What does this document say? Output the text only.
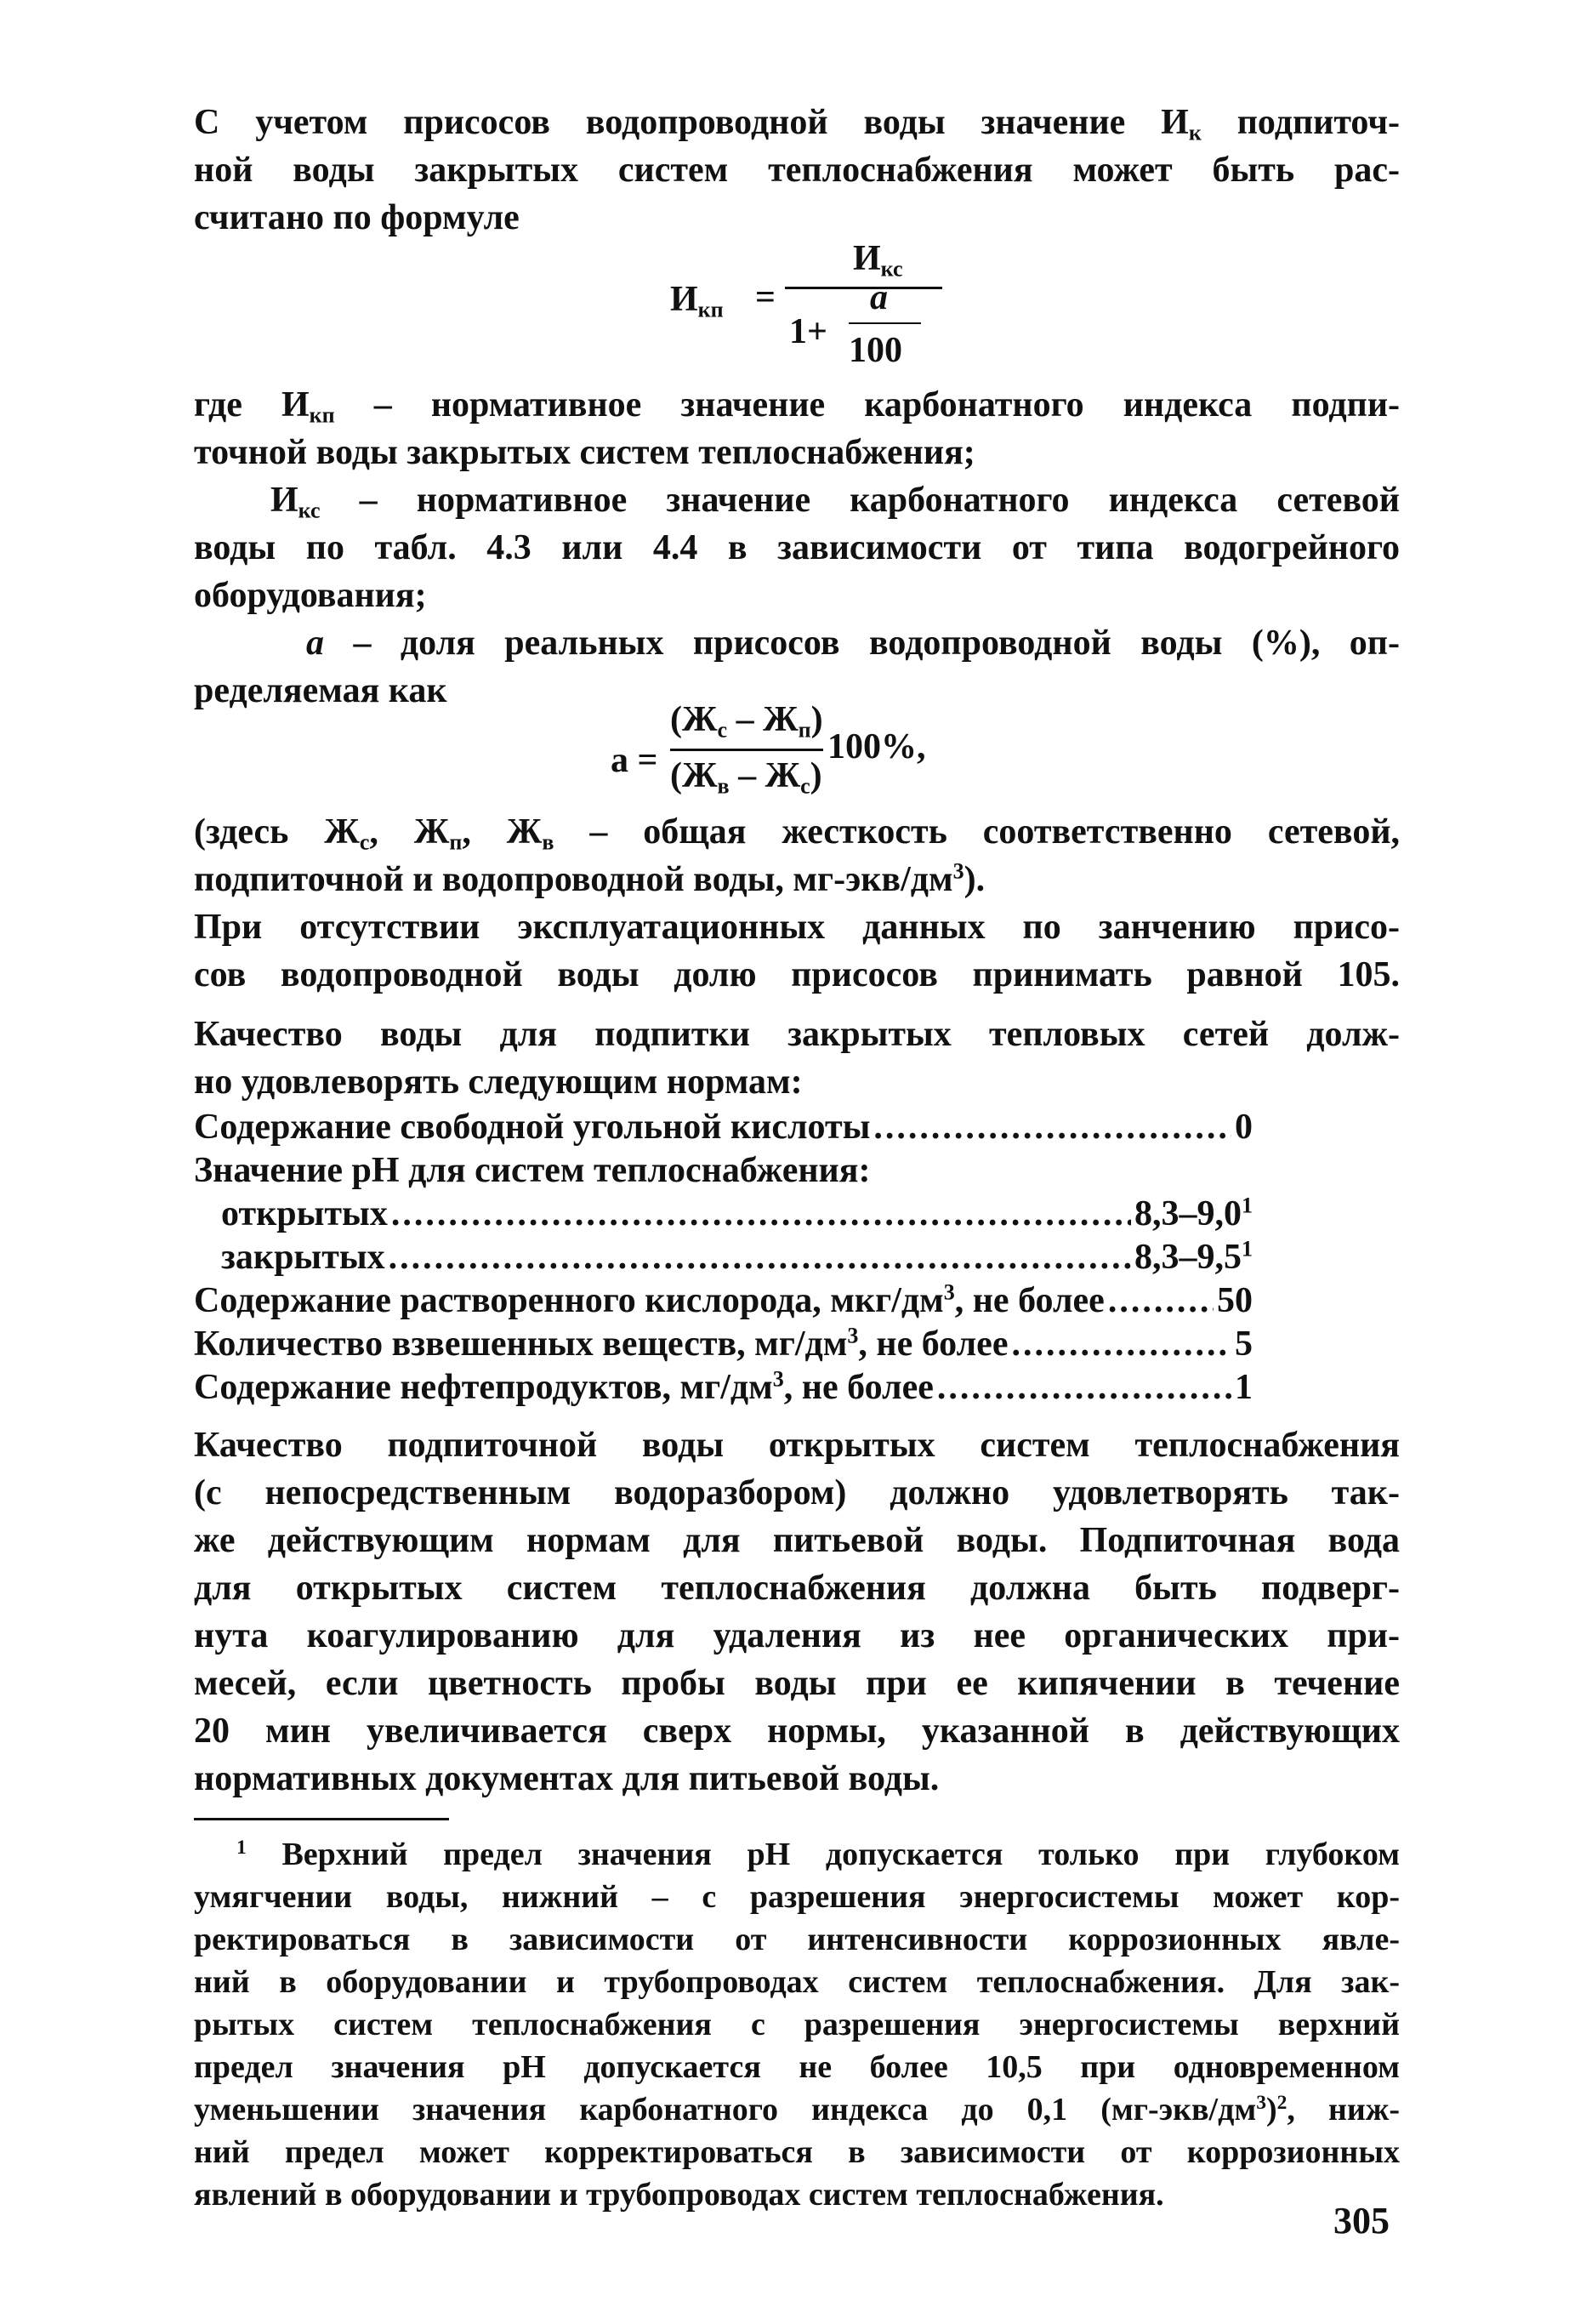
С учетом присосов водопроводной воды значение $И_к$ подпиточ-
ной воды закрытых систем теплоснабжения может быть рас-
считано по формуле
$И_{кп}$ =
$И_{кс}$
1+
a
100
где $И_{кп}$ – нормативное значение карбонатного индекса подпи-
точной воды закрытых систем теплоснабжения;
$И_{кс}$ – нормативное значение карбонатного индекса сетевой
воды по табл. 4.3 или 4.4 в зависимости от типа водогрейного
оборудования;
a – доля реальных присосов водопроводной воды (%), оп-
ределяемая как
a =
$(Ж_с - Ж_п)$
$(Ж_в - Ж_с)$
100%,
(здесь $Ж_с$, $Ж_п$, $Ж_в$ – общая жесткость соответственно сетевой,
подпиточной и водопроводной воды, $мг-экв/дм^3$).
При отсутствии эксплуатационных данных по занчению присо-
сов водопроводной воды долю присосов принимать равной 105.
Качество воды для подпитки закрытых тепловых сетей долж-
но удовлеворять следующим нормам:
Содержание свободной угольной кислоты .....	0
Значение pH для систем теплоснабжения:
открытых .....	$8,3-9,0^1$
закрытых .....	$8,3-9,5^1$
Содержание растворенного кислорода, мкг/$дм^3$, не более .....	50
Количество взвешенных веществ, $мг/дм^3$, не более .....	5
Содержание нефтепродуктов, $мг/дм^3$, не более .....	1
Качество подпиточной воды открытых систем теплоснабжения
(с непосредственным водоразбором) должно удовлетворять так-
же действующим нормам для питьевой воды. Подпиточная вода
для открытых систем теплоснабжения должна быть подверг-
нута коагулированию для удаления из нее органических при-
месей, если цветность пробы воды при ее кипячении в течение
20 мин увеличивается сверх нормы, указанной в действующих
нормативных документах для питьевой воды.
$^1$ Верхний предел значения pH допускается только при глубоком
умягчении воды, нижний – с разрешения энергосистемы может кор-
ректироваться в зависимости от интенсивности коррозионных явле-
ний в оборудовании и трубопроводах систем теплоснабжения. Для зак-
рытых систем теплоснабжения с разрешения энергосистемы верхний
предел значения pH допускается не более 10,5 при одновременном
уменьшении значения карбонатного индекса до 0,1 $(мг-экв/дм^3)^2$, ниж-
ний предел может корректироваться в зависимости от коррозионных
явлений в оборудовании и трубопроводах систем теплоснабжения.
305
